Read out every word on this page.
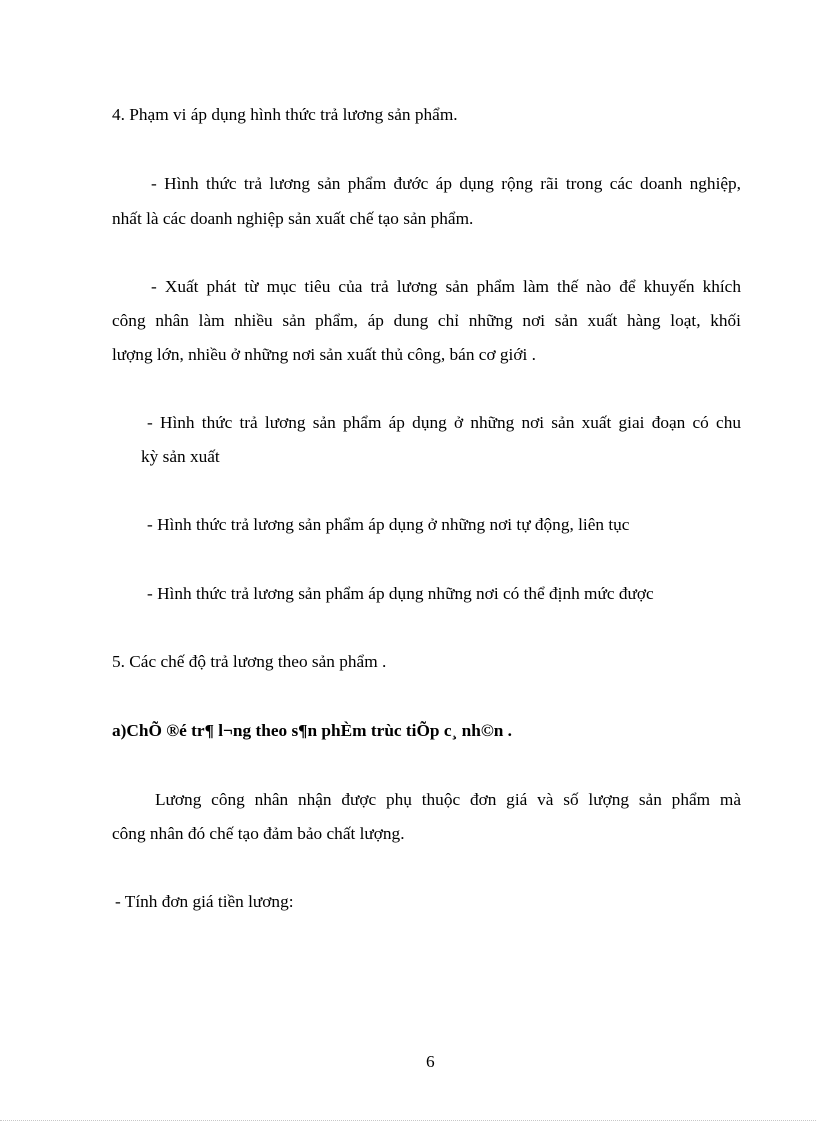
4. Phạm vi áp dụng hình thức trả lương sản phẩm.

- Hình thức trả lương sản phẩm đước áp dụng rộng rãi trong các doanh nghiệp,

nhất là các doanh nghiệp sản xuất chế tạo sản phẩm.

- Xuất phát từ mục tiêu của trả lương sản phẩm làm thế nào để khuyến khích

công nhân làm nhiều sản phẩm, áp dung chỉ những nơi sản xuất hàng loạt, khối

lượng lớn, nhiều ở những nơi sản xuất thủ công, bán cơ giới .

- Hình thức trả lương sản phẩm áp dụng ở những nơi sản xuất giai đoạn có chu

kỳ sản xuất

- Hình thức trả lương sản phẩm áp dụng ở những nơi tự động, liên tục

- Hình thức trả lương sản phẩm áp dụng những nơi có thể định mức được

5. Các chế độ trả lương theo sản phẩm .

a)ChÕ ®é tr¶ l¬ng theo s¶n phÈm trùc tiÕp c¸ nh©n .

Lương công nhân nhận được phụ thuộc đơn giá và số lượng sản phẩm mà

công nhân đó chế tạo đảm bảo chất lượng.

- Tính đơn giá tiền lương:

6
